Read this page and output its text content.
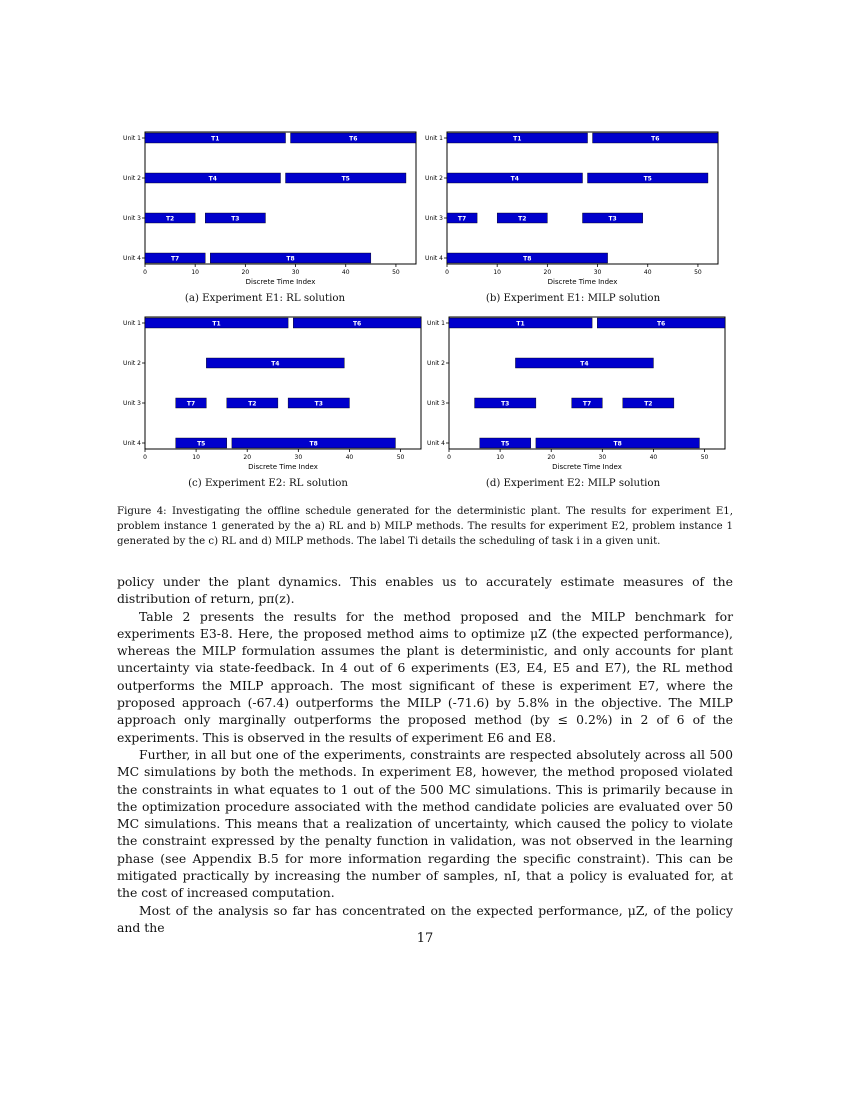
T1	T6
T4	T5
T2	T3
T7	T8
Unit 1
Unit 2
Unit 3
Unit 4
0	10	20	30	40	50
Discrete Time Index
(a) Experiment E1: RL solution
T1	T6
T4	T5
T7	T2	T3
T8
Unit 1
Unit 2
Unit 3
Unit 4
0	10	20	30	40	50
Discrete Time Index
(b) Experiment E1: MILP solution
T1	T6
T4
T7	T2	T3
T5	T8
Unit 1
Unit 2
Unit 3
Unit 4
0	10	20	30	40	50
Discrete Time Index
(c) Experiment E2: RL solution
T1	T6
T4
T3	T7	T2
T5	T8
Unit 1
Unit 2
Unit 3
Unit 4
0	10	20	30	40	50
Discrete Time Index
(d) Experiment E2: MILP solution
Figure 4: Investigating the offline schedule generated for the deterministic plant. The results for experiment E1, problem instance 1 generated by the a) RL and b) MILP methods. The results for experiment E2, problem instance 1 generated by the c) RL and d) MILP methods. The label Ti details the scheduling of task i in a given unit.

policy under the plant dynamics. This enables us to accurately estimate measures of the distribution of return, pπ(z).

Table 2 presents the results for the method proposed and the MILP benchmark for experiments E3-8. Here, the proposed method aims to optimize μZ (the expected performance), whereas the MILP formulation assumes the plant is deterministic, and only accounts for plant uncertainty via state-feedback. In 4 out of 6 experiments (E3, E4, E5 and E7), the RL method outperforms the MILP approach. The most significant of these is experiment E7, where the proposed approach (-67.4) outperforms the MILP (-71.6) by 5.8% in the objective. The MILP approach only marginally outperforms the proposed method (by ≤ 0.2%) in 2 of 6 of the experiments. This is observed in the results of experiment E6 and E8.

Further, in all but one of the experiments, constraints are respected absolutely across all 500 MC simulations by both the methods. In experiment E8, however, the method proposed violated the constraints in what equates to 1 out of the 500 MC simulations. This is primarily because in the optimization procedure associated with the method candidate policies are evaluated over 50 MC simulations. This means that a realization of uncertainty, which caused the policy to violate the constraint expressed by the penalty function in validation, was not observed in the learning phase (see Appendix B.5 for more information regarding the specific constraint). This can be mitigated practically by increasing the number of samples, nI, that a policy is evaluated for, at the cost of increased computation.

Most of the analysis so far has concentrated on the expected performance, μZ, of the policy and the

17
